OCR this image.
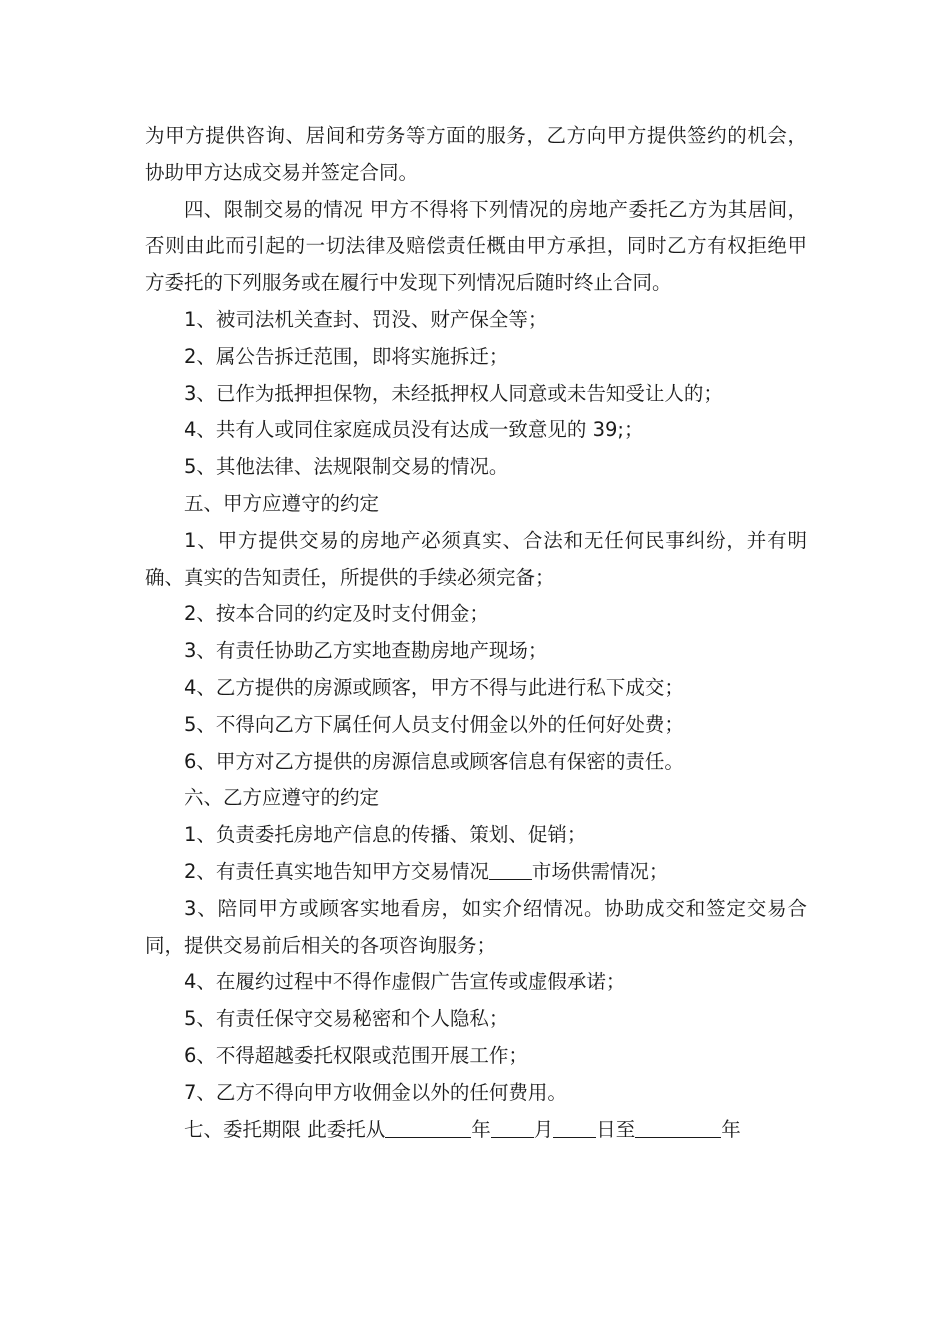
为甲方提供咨询、居间和劳务等方面的服务，乙方向甲方提供签约的机会，协助甲方达成交易并签定合同。

四、限制交易的情况 甲方不得将下列情况的房地产委托乙方为其居间，否则由此而引起的一切法律及赔偿责任概由甲方承担，同时乙方有权拒绝甲方委托的下列服务或在履行中发现下列情况后随时终止合同。

1、被司法机关查封、罚没、财产保全等；

2、属公告拆迁范围，即将实施拆迁；

3、已作为抵押担保物，未经抵押权人同意或未告知受让人的；

4、共有人或同住家庭成员没有达成一致意见的 39;；

5、其他法律、法规限制交易的情况。

五、甲方应遵守的约定

1、甲方提供交易的房地产必须真实、合法和无任何民事纠纷，并有明确、真实的告知责任，所提供的手续必须完备；

2、按本合同的约定及时支付佣金；

3、有责任协助乙方实地查勘房地产现场；

4、乙方提供的房源或顾客，甲方不得与此进行私下成交；

5、不得向乙方下属任何人员支付佣金以外的任何好处费；

6、甲方对乙方提供的房源信息或顾客信息有保密的责任。

六、乙方应遵守的约定

1、负责委托房地产信息的传播、策划、促销；

2、有责任真实地告知甲方交易情况 市场供需情况；

3、陪同甲方或顾客实地看房，如实介绍情况。协助成交和签定交易合同，提供交易前后相关的各项咨询服务；

4、在履约过程中不得作虚假广告宣传或虚假承诺；

5、有责任保守交易秘密和个人隐私；

6、不得超越委托权限或范围开展工作；

7、乙方不得向甲方收佣金以外的任何费用。

七、委托期限 此委托从	年 月 日至	年
